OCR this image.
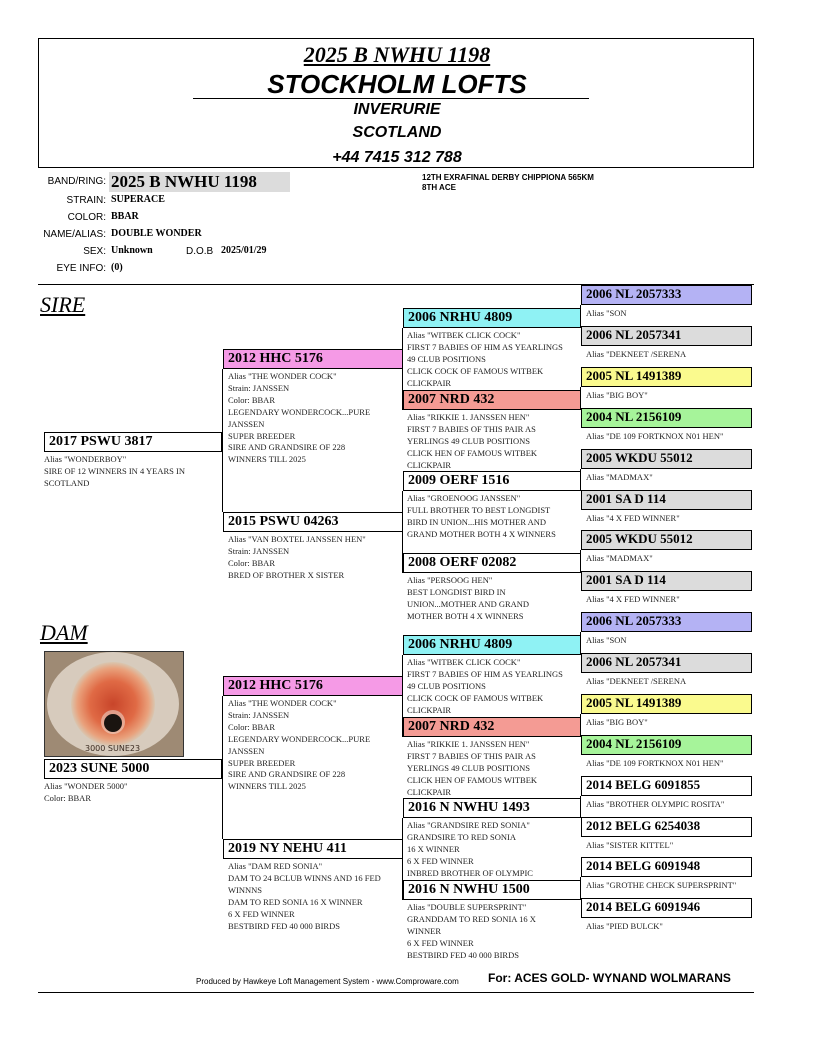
2025 B NWHU 1198
STOCKHOLM LOFTS
INVERURIE
SCOTLAND
+44 7415 312 788
BAND/RING: 2025 B NWHU 1198
STRAIN: SUPERACE
COLOR: BBAR
NAME/ALIAS: DOUBLE WONDER
SEX: Unknown	D.O.B 2025/01/29
EYE INFO: (0)
12TH EXRAFINAL DERBY CHIPPIONA 565KM
8TH ACE
SIRE
DAM
3000 SUNE23
2017 PSWU 3817
Alias "WONDERBOY"
SIRE OF 12 WINNERS IN 4 YEARS IN
SCOTLAND
2012 HHC 5176
Alias "THE WONDER COCK"
Strain: JANSSEN
Color: BBAR
LEGENDARY WONDERCOCK...PURE
JANSSEN
SUPER BREEDER
SIRE AND GRANDSIRE OF 228
WINNERS TILL 2025
2015 PSWU 04263
Alias "VAN BOXTEL JANSSEN HEN"
Strain: JANSSEN
Color: BBAR
BRED OF BROTHER X SISTER
2006 NRHU 4809
Alias "WITBEK CLICK COCK"
FIRST 7 BABIES OF HIM AS YEARLINGS
49 CLUB POSITIONS
CLICK COCK OF FAMOUS WITBEK
CLICKPAIR
2007 NRD 432
Alias "RIKKIE 1. JANSSEN HEN"
FIRST 7 BABIES OF THIS PAIR AS
YERLINGS 49 CLUB POSITIONS
CLICK HEN OF FAMOUS WITBEK
CLICKPAIR
2009 OERF 1516
Alias "GROENOOG JANSSEN"
FULL BROTHER TO BEST LONGDIST
BIRD IN UNION...HIS MOTHER AND
GRAND MOTHER BOTH 4 X WINNERS
2008 OERF 02082
Alias "PERSOOG HEN"
BEST LONGDIST BIRD IN
UNION...MOTHER AND GRAND
MOTHER BOTH 4 X WINNERS
2006 NL 2057333
Alias "SON
2006 NL 2057341
Alias "DEKNEET /SERENA
2005 NL 1491389
Alias "BIG BOY"
2004 NL 2156109
Alias "DE 109 FORTKNOX N01 HEN"
2005 WKDU 55012
Alias "MADMAX"
2001 SA D 114
Alias "4 X FED WINNER"
2005 WKDU 55012
Alias "MADMAX"
2001 SA D 114
Alias "4 X FED WINNER"
2023 SUNE 5000
Alias "WONDER 5000"
Color: BBAR
2012 HHC 5176
Alias "THE WONDER COCK"
Strain: JANSSEN
Color: BBAR
LEGENDARY WONDERCOCK...PURE
JANSSEN
SUPER BREEDER
SIRE AND GRANDSIRE OF 228
WINNERS TILL 2025
2019 NY NEHU 411
Alias "DAM RED SONIA"
DAM TO 24 BCLUB WINNS AND 16 FED
WINNNS
DAM TO RED SONIA 16 X WINNER
6 X FED WINNER
BESTBIRD FED 40 000 BIRDS
2006 NRHU 4809
Alias "WITBEK CLICK COCK"
FIRST 7 BABIES OF HIM AS YEARLINGS
49 CLUB POSITIONS
CLICK COCK OF FAMOUS WITBEK
CLICKPAIR
2007 NRD 432
Alias "RIKKIE 1. JANSSEN HEN"
FIRST 7 BABIES OF THIS PAIR AS
YERLINGS 49 CLUB POSITIONS
CLICK HEN OF FAMOUS WITBEK
CLICKPAIR
2016 N NWHU 1493
Alias "GRANDSIRE RED SONIA"
GRANDSIRE TO RED SONIA
16 X WINNER
6 X FED WINNER
INBRED BROTHER OF OLYMPIC
2016 N NWHU 1500
Alias "DOUBLE SUPERSPRINT"
GRANDDAM TO RED SONIA 16 X
WINNER
6 X FED WINNER
BESTBIRD FED 40 000 BIRDS
2006 NL 2057333
Alias "SON
2006 NL 2057341
Alias "DEKNEET /SERENA
2005 NL 1491389
Alias "BIG BOY"
2004 NL 2156109
Alias "DE 109 FORTKNOX N01 HEN"
2014 BELG 6091855
Alias "BROTHER OLYMPIC ROSITA"
2012 BELG 6254038
Alias "SISTER KITTEL"
2014 BELG 6091948
Alias "GROTHE CHECK SUPERSPRINT"
2014 BELG 6091946
Alias "PIED BULCK"
Produced by Hawkeye Loft Management System - www.Comproware.com For: ACES GOLD- WYNAND WOLMARANS
